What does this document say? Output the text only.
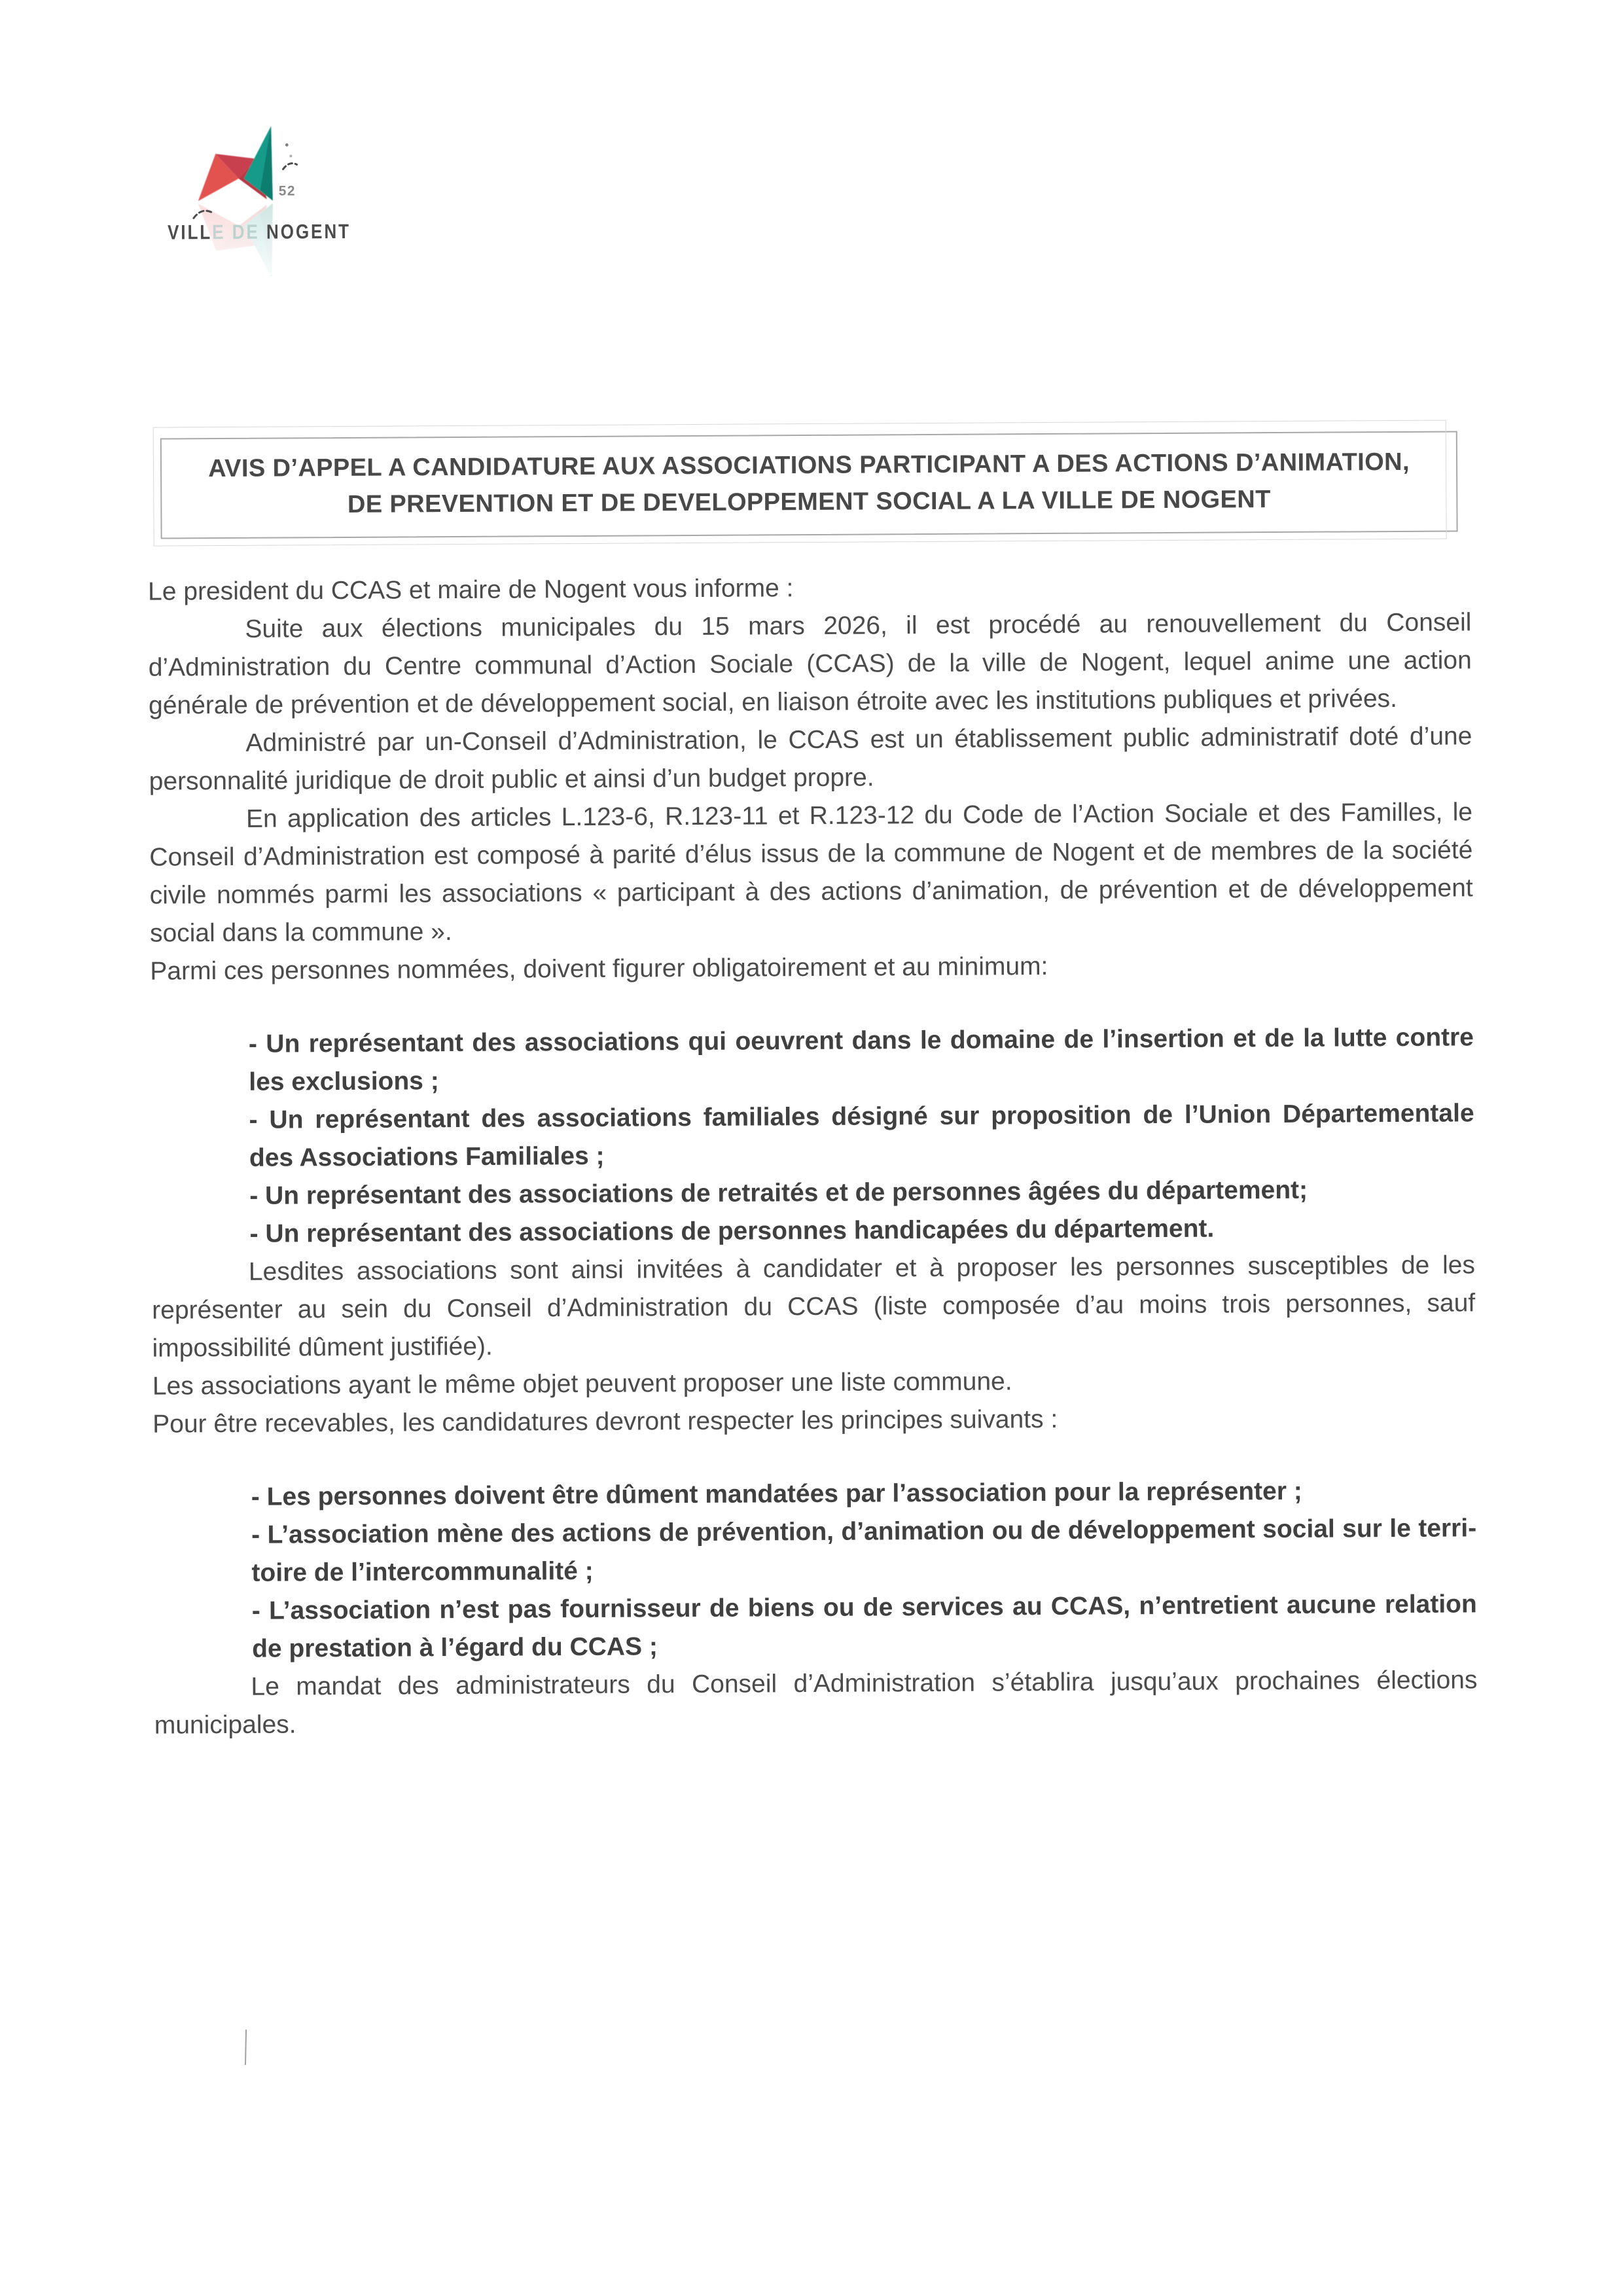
52
VILLE DE NOGENT
AVIS D’APPEL A CANDIDATURE AUX ASSOCIATIONS PARTICIPANT A DES ACTIONS D’ANIMATION,
DE PREVENTION ET DE DEVELOPPEMENT SOCIAL A LA VILLE DE NOGENT

Le president du CCAS et maire de Nogent vous informe :

Suite aux élections municipales du 15 mars 2026, il est procédé au renouvellement du Conseil d’Administration du Centre communal d’Action Sociale (CCAS) de la ville de Nogent, lequel anime une action générale de prévention et de développement social, en liaison étroite avec les institutions publiques et privées.

Administré par un-Conseil d’Administration, le CCAS est un établissement public administratif doté d’une personnalité juridique de droit public et ainsi d’un budget propre.

En application des articles L.123-6, R.123-11 et R.123-12 du Code de l’Action Sociale et des Familles, le Conseil d’Administration est composé à parité d’élus issus de la commune de Nogent et de membres de la société civile nommés parmi les associations « participant à des actions d’animation, de prévention et de développement social dans la commune ».

Parmi ces personnes nommées, doivent figurer obligatoirement et au minimum:

- Un représentant des associations qui oeuvrent dans le domaine de l’insertion et de la lutte contre les exclusions ;

- Un représentant des associations familiales désigné sur proposition de l’Union Départementale des Associations Familiales ;

- Un représentant des associations de retraités et de personnes âgées du département;

- Un représentant des associations de personnes handicapées du département.

Lesdites associations sont ainsi invitées à candidater et à proposer les personnes susceptibles de les représenter au sein du Conseil d’Administration du CCAS (liste composée d’au moins trois personnes, sauf impossibilité dûment justifiée).

Les associations ayant le même objet peuvent proposer une liste commune.

Pour être recevables, les candidatures devront respecter les principes suivants :

- Les personnes doivent être dûment mandatées par l’association pour la représenter ;

- L’association mène des actions de prévention, d’animation ou de développement social sur le terri-toire de l’intercommunalité ;

- L’association n’est pas fournisseur de biens ou de services au CCAS, n’entretient aucune relation de prestation à l’égard du CCAS ;

Le mandat des administrateurs du Conseil d’Administration s’établira jusqu’aux prochaines élections municipales.
